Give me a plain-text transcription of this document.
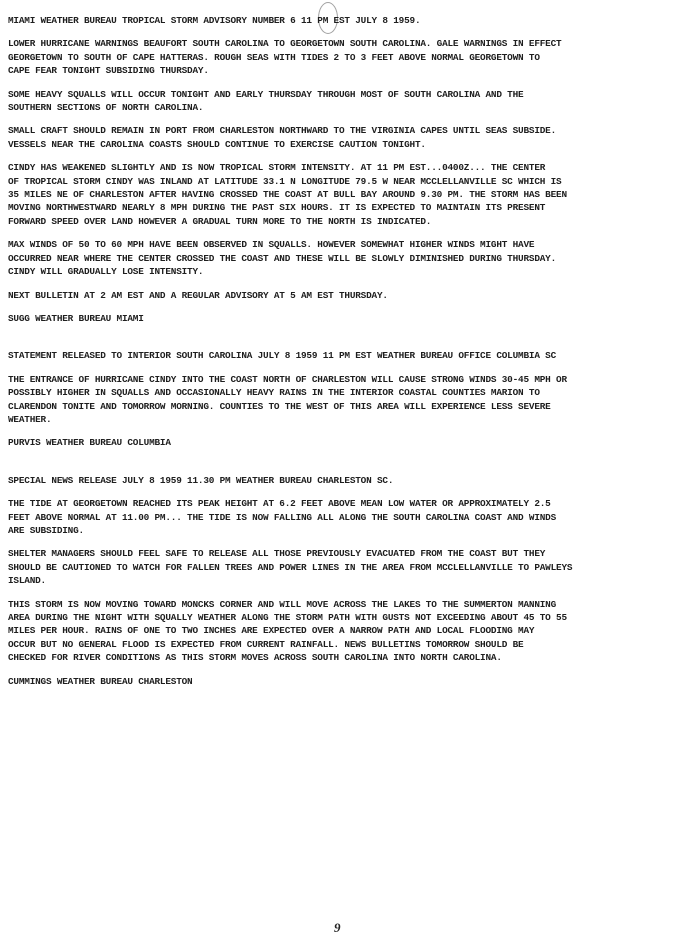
MIAMI WEATHER BUREAU TROPICAL STORM ADVISORY NUMBER 6 11 PM EST JULY 8 1959.
LOWER HURRICANE WARNINGS BEAUFORT SOUTH CAROLINA TO GEORGETOWN SOUTH CAROLINA. GALE WARNINGS IN EFFECT
GEORGETOWN TO SOUTH OF CAPE HATTERAS. ROUGH SEAS WITH TIDES 2 TO 3 FEET ABOVE NORMAL GEORGETOWN TO
CAPE FEAR TONIGHT SUBSIDING THURSDAY.
SOME HEAVY SQUALLS WILL OCCUR TONIGHT AND EARLY THURSDAY THROUGH MOST OF SOUTH CAROLINA AND THE
SOUTHERN SECTIONS OF NORTH CAROLINA.
SMALL CRAFT SHOULD REMAIN IN PORT FROM CHARLESTON NORTHWARD TO THE VIRGINIA CAPES UNTIL SEAS SUBSIDE.
VESSELS NEAR THE CAROLINA COASTS SHOULD CONTINUE TO EXERCISE CAUTION TONIGHT.
CINDY HAS WEAKENED SLIGHTLY AND IS NOW TROPICAL STORM INTENSITY. AT 11 PM EST...0400Z... THE CENTER
OF TROPICAL STORM CINDY WAS INLAND AT LATITUDE 33.1 N LONGITUDE 79.5 W NEAR MCCLELLANVILLE SC WHICH IS
35 MILES NE OF CHARLESTON AFTER HAVING CROSSED THE COAST AT BULL BAY AROUND 9.30 PM. THE STORM HAS BEEN
MOVING NORTHWESTWARD NEARLY 8 MPH DURING THE PAST SIX HOURS. IT IS EXPECTED TO MAINTAIN ITS PRESENT
FORWARD SPEED OVER LAND HOWEVER A GRADUAL TURN MORE TO THE NORTH IS INDICATED.
MAX WINDS OF 50 TO 60 MPH HAVE BEEN OBSERVED IN SQUALLS. HOWEVER SOMEWHAT HIGHER WINDS MIGHT HAVE
OCCURRED NEAR WHERE THE CENTER CROSSED THE COAST AND THESE WILL BE SLOWLY DIMINISHED DURING THURSDAY.
CINDY WILL GRADUALLY LOSE INTENSITY.
NEXT BULLETIN AT 2 AM EST AND A REGULAR ADVISORY AT 5 AM EST THURSDAY.
SUGG WEATHER BUREAU MIAMI
STATEMENT RELEASED TO INTERIOR SOUTH CAROLINA JULY 8 1959 11 PM EST WEATHER BUREAU OFFICE COLUMBIA SC
THE ENTRANCE OF HURRICANE CINDY INTO THE COAST NORTH OF CHARLESTON WILL CAUSE STRONG WINDS 30-45 MPH OR
POSSIBLY HIGHER IN SQUALLS AND OCCASIONALLY HEAVY RAINS IN THE INTERIOR COASTAL COUNTIES MARION TO
CLARENDON TONITE AND TOMORROW MORNING. COUNTIES TO THE WEST OF THIS AREA WILL EXPERIENCE LESS SEVERE
WEATHER.
PURVIS WEATHER BUREAU COLUMBIA
SPECIAL NEWS RELEASE JULY 8 1959 11.30 PM WEATHER BUREAU CHARLESTON SC.
THE TIDE AT GEORGETOWN REACHED ITS PEAK HEIGHT AT 6.2 FEET ABOVE MEAN LOW WATER OR APPROXIMATELY 2.5
FEET ABOVE NORMAL AT 11.00 PM... THE TIDE IS NOW FALLING ALL ALONG THE SOUTH CAROLINA COAST AND WINDS
ARE SUBSIDING.
SHELTER MANAGERS SHOULD FEEL SAFE TO RELEASE ALL THOSE PREVIOUSLY EVACUATED FROM THE COAST BUT THEY
SHOULD BE CAUTIONED TO WATCH FOR FALLEN TREES AND POWER LINES IN THE AREA FROM MCCLELLANVILLE TO PAWLEYS
ISLAND.
THIS STORM IS NOW MOVING TOWARD MONCKS CORNER AND WILL MOVE ACROSS THE LAKES TO THE SUMMERTON MANNING
AREA DURING THE NIGHT WITH SQUALLY WEATHER ALONG THE STORM PATH WITH GUSTS NOT EXCEEDING ABOUT 45 TO 55
MILES PER HOUR. RAINS OF ONE TO TWO INCHES ARE EXPECTED OVER A NARROW PATH AND LOCAL FLOODING MAY
OCCUR BUT NO GENERAL FLOOD IS EXPECTED FROM CURRENT RAINFALL. NEWS BULLETINS TOMORROW SHOULD BE
CHECKED FOR RIVER CONDITIONS AS THIS STORM MOVES ACROSS SOUTH CAROLINA INTO NORTH CAROLINA.
CUMMINGS WEATHER BUREAU CHARLESTON
9
